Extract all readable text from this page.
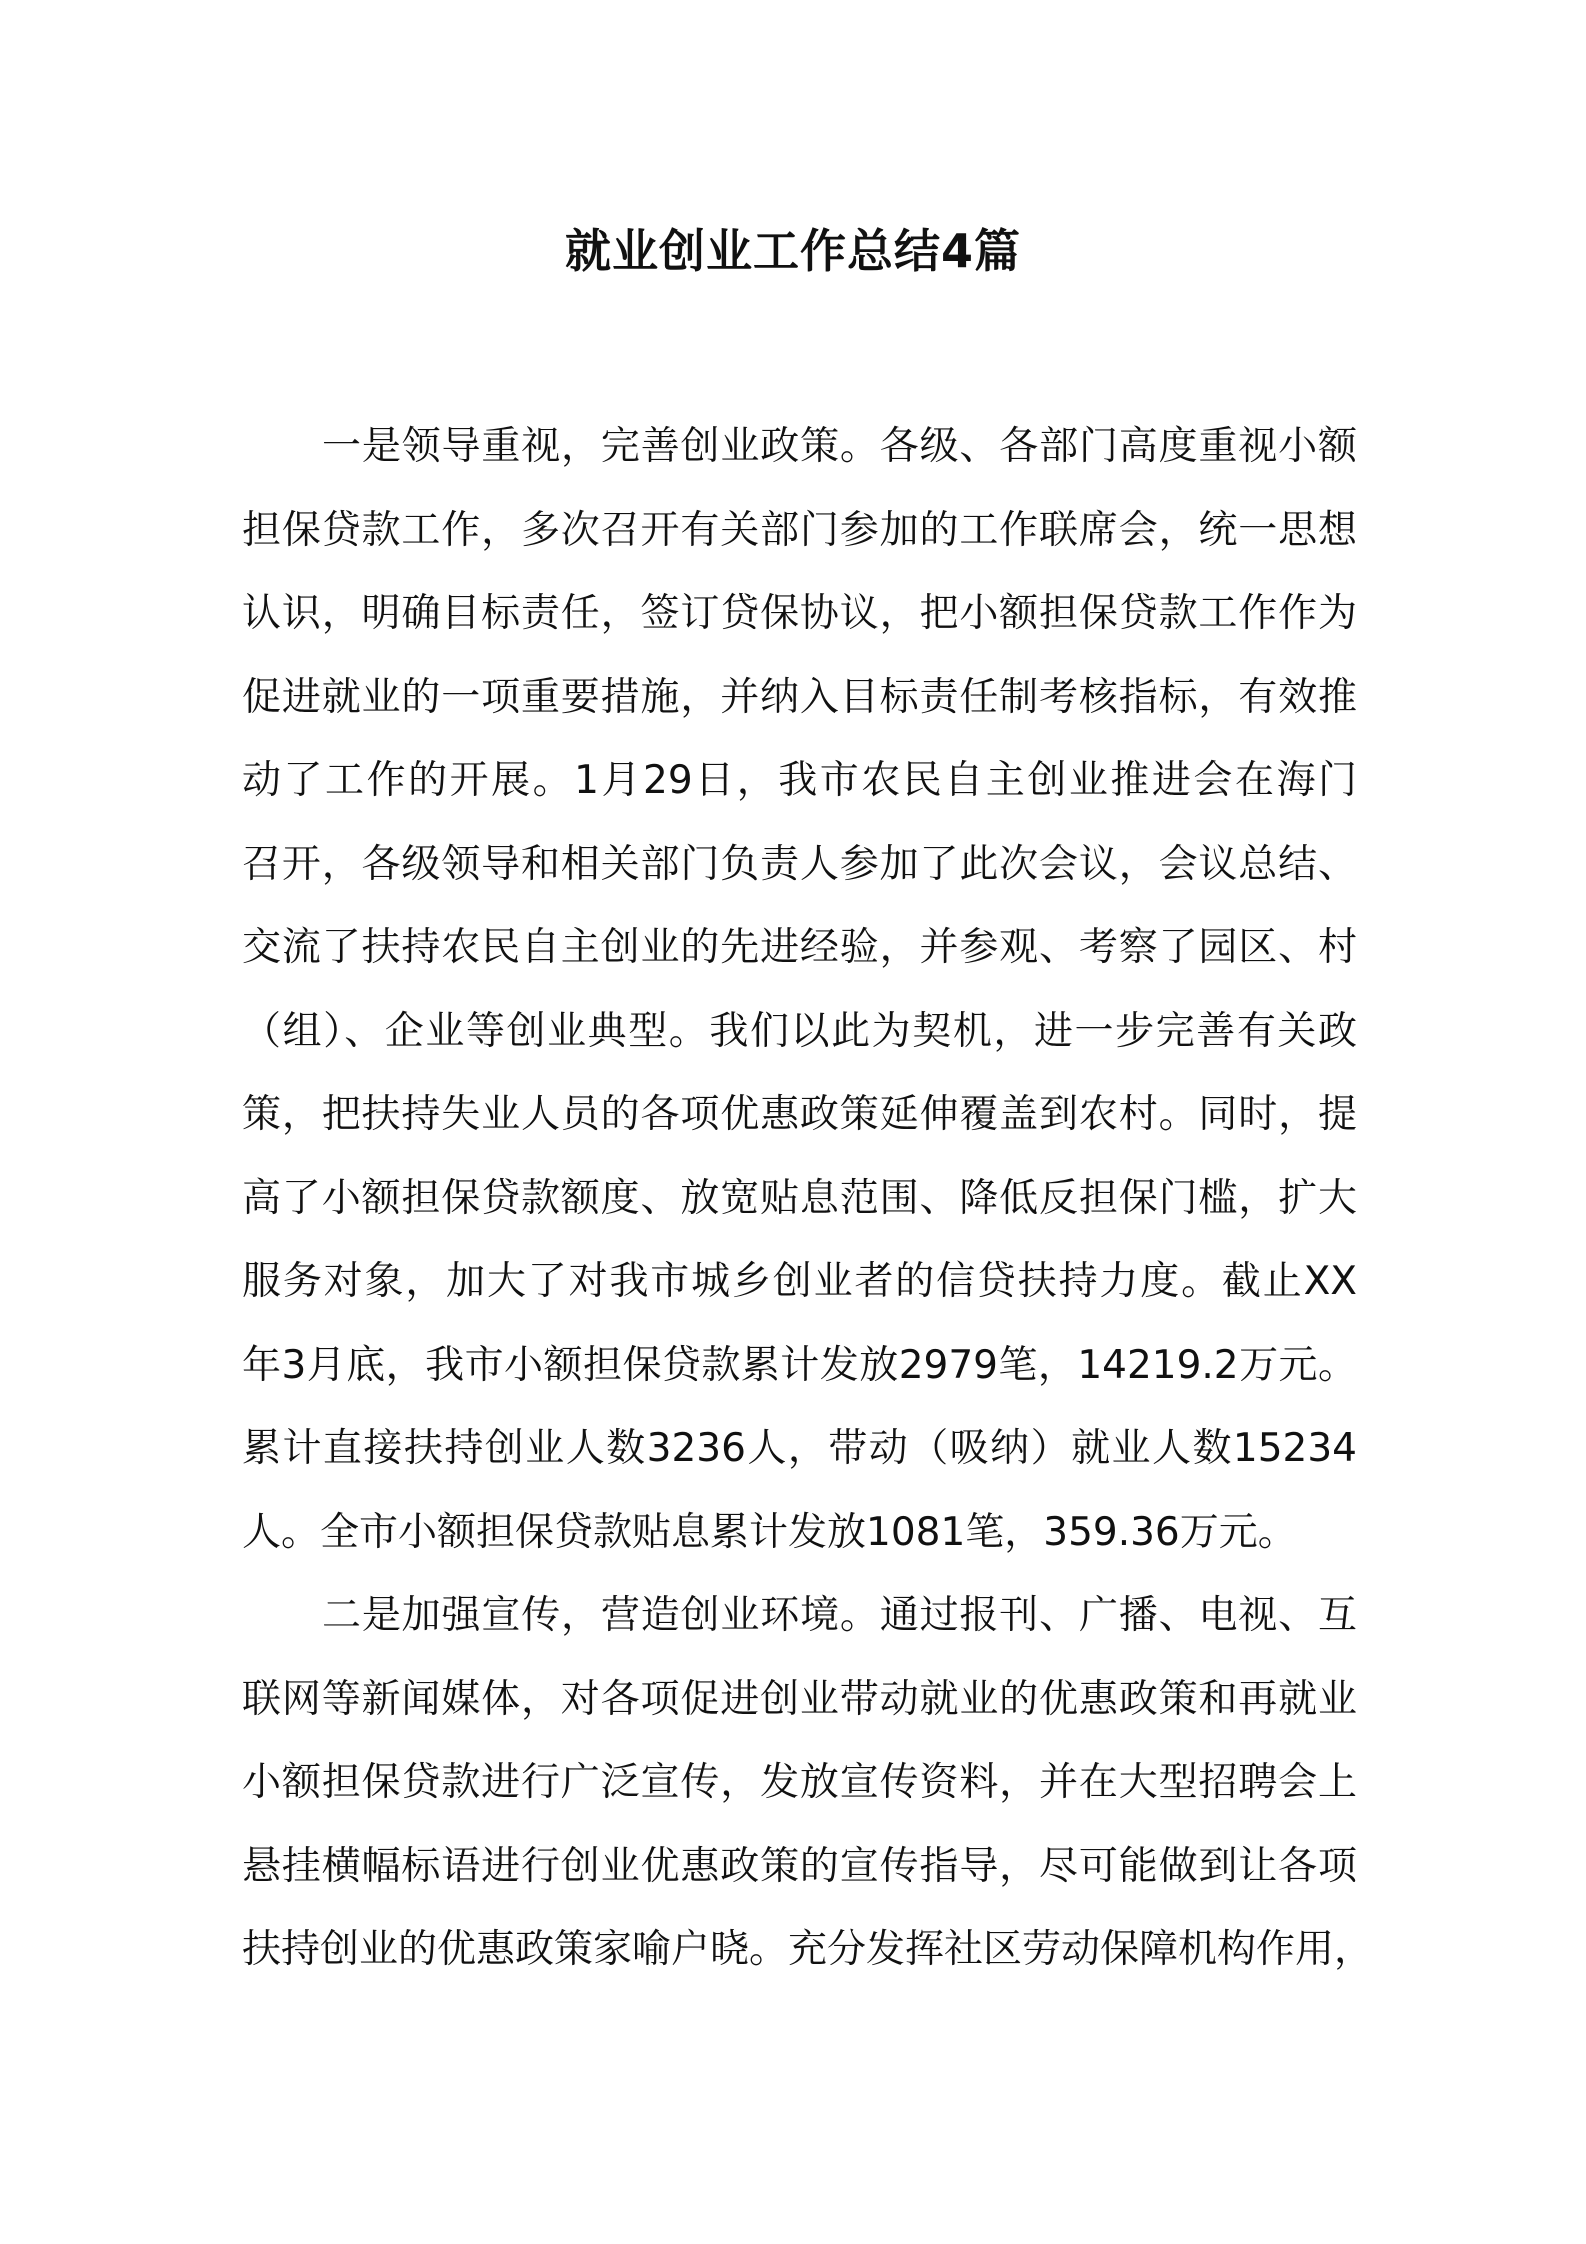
就业创业工作总结4篇

一是领导重视，完善创业政策。各级、各部门高度重视小额
担保贷款工作，多次召开有关部门参加的工作联席会，统一思想
认识，明确目标责任，签订贷保协议，把小额担保贷款工作作为
促进就业的一项重要措施，并纳入目标责任制考核指标，有效推
动了工作的开展。1月29日，我市农民自主创业推进会在海门
召开，各级领导和相关部门负责人参加了此次会议，会议总结、
交流了扶持农民自主创业的先进经验，并参观、考察了园区、村
（组）、企业等创业典型。我们以此为契机，进一步完善有关政
策，把扶持失业人员的各项优惠政策延伸覆盖到农村。同时，提
高了小额担保贷款额度、放宽贴息范围、降低反担保门槛，扩大
服务对象，加大了对我市城乡创业者的信贷扶持力度。截止XX
年3月底，我市小额担保贷款累计发放2979笔，14219.2万元。
累计直接扶持创业人数3236人，带动（吸纳）就业人数15234
人。全市小额担保贷款贴息累计发放1081笔，359.36万元。

二是加强宣传，营造创业环境。通过报刊、广播、电视、互
联网等新闻媒体，对各项促进创业带动就业的优惠政策和再就业
小额担保贷款进行广泛宣传，发放宣传资料，并在大型招聘会上
悬挂横幅标语进行创业优惠政策的宣传指导，尽可能做到让各项
扶持创业的优惠政策家喻户晓。充分发挥社区劳动保障机构作用，
